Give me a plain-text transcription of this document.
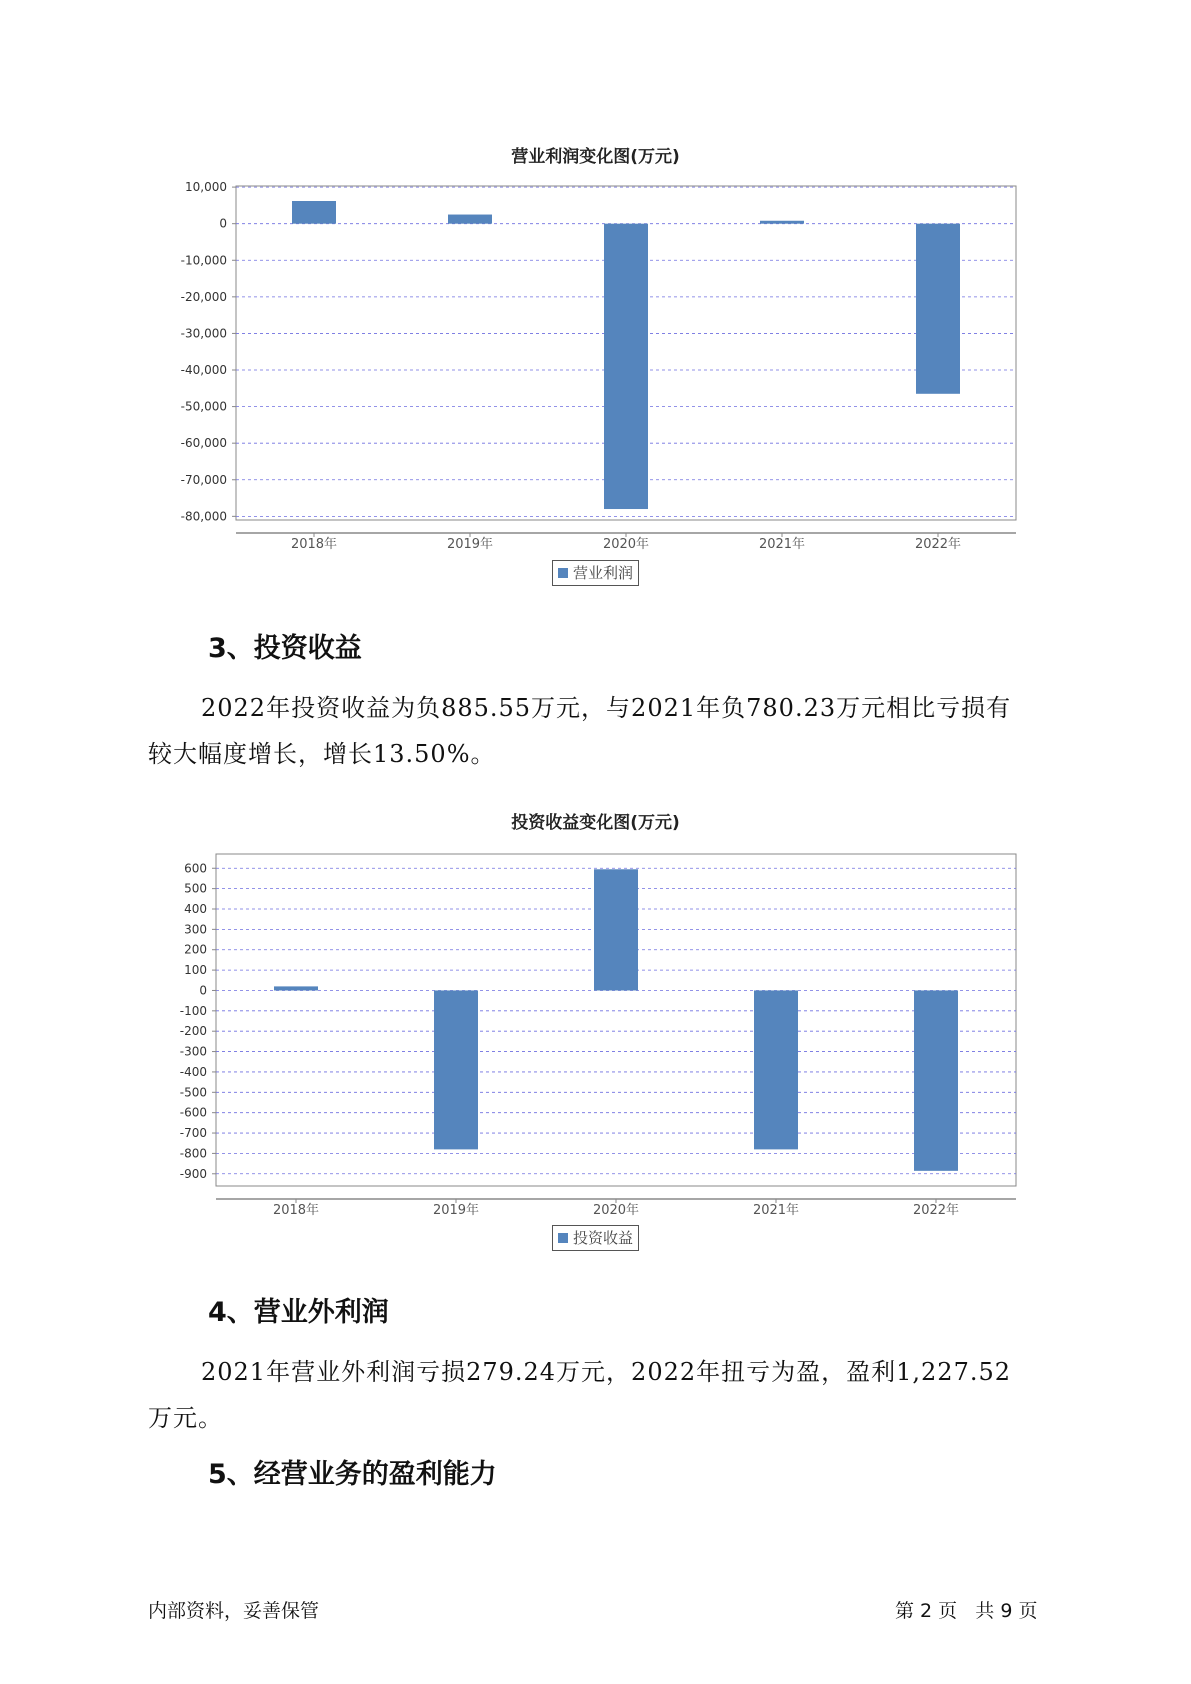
营业利润变化图(万元)
10,000
0
-10,000
-20,000
-30,000
-40,000
-50,000
-60,000
-70,000
-80,000
2018年	2019年	2020年	2021年	2022年
营业利润
3、投资收益
2022年投资收益为负885.55万元，与2021年负780.23万元相比亏损有
较大幅度增长，增长13.50%。
投资收益变化图(万元)
600
500
400
300
200
100
0
-100
-200
-300
-400
-500
-600
-700
-800
-900
2018年	2019年	2020年	2021年	2022年
投资收益
4、营业外利润
2021年营业外利润亏损279.24万元，2022年扭亏为盈，盈利1,227.52
万元。
5、经营业务的盈利能力
内部资料，妥善保管	第 2 页   共 9 页
